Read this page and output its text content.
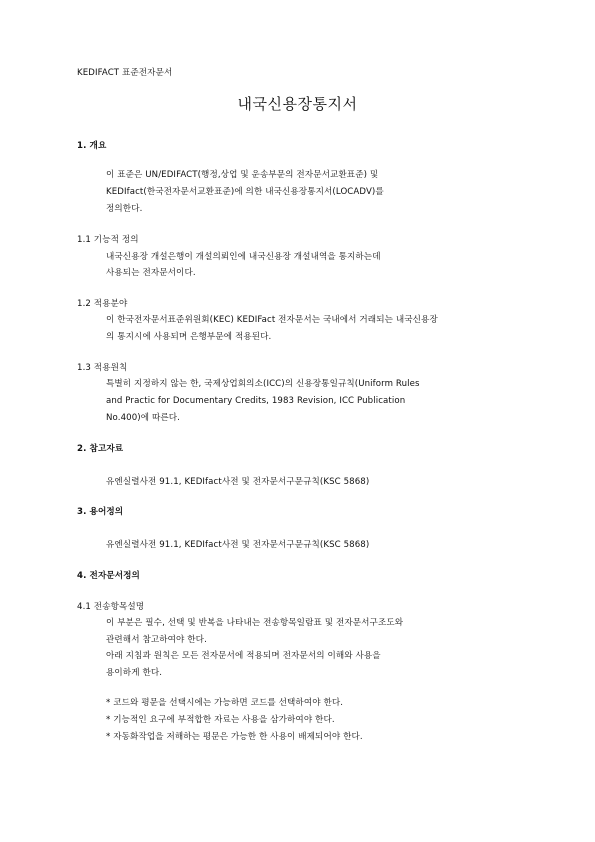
KEDIFACT 표준전자문서
내국신용장통지서
1. 개요
이 표준은 UN/EDIFACT(행정,상업 및 운송부문의 전자문서교환표준) 및
KEDIfact(한국전자문서교환표준)에 의한 내국신용장통지서(LOCADV)를
정의한다.
1.1 기능적 정의
내국신용장 개설은행이 개설의뢰인에 내국신용장 개설내역을 통지하는데
사용되는 전자문서이다.
1.2 적용분야
이 한국전자문서표준위원회(KEC) KEDIFact 전자문서는 국내에서 거래되는 내국신용장
의 통지시에 사용되며 은행부문에 적용된다.
1.3 적용원칙
특별히 지정하지 않는 한, 국제상업회의소(ICC)의 신용장통일규칙(Uniform Rules
and Practic for Documentary Credits, 1983 Revision, ICC Publication
No.400)에 따른다.
2. 참고자료
유엔실렬사전 91.1, KEDIfact사전 및 전자문서구문규칙(KSC 5868)
3. 용어정의
유엔실렬사전 91.1, KEDIfact사전 및 전자문서구문규칙(KSC 5868)
4. 전자문서정의
4.1 전송항목설명
이 부분은 필수, 선택 및 반복을 나타내는 전송항목일람표 및 전자문서구조도와
관련해서 참고하여야 한다.
아래 지침과 원칙은 모든 전자문서에 적용되며 전자문서의 이해와 사용을
용이하게 한다.
* 코드와 평문을 선택시에는 가능하면 코드를 선택하여야 한다.
* 기능적인 요구에 부적합한 자료는 사용을 삼가하여야 한다.
* 자동화작업을 저해하는 평문은 가능한 한 사용이 배제되어야 한다.
